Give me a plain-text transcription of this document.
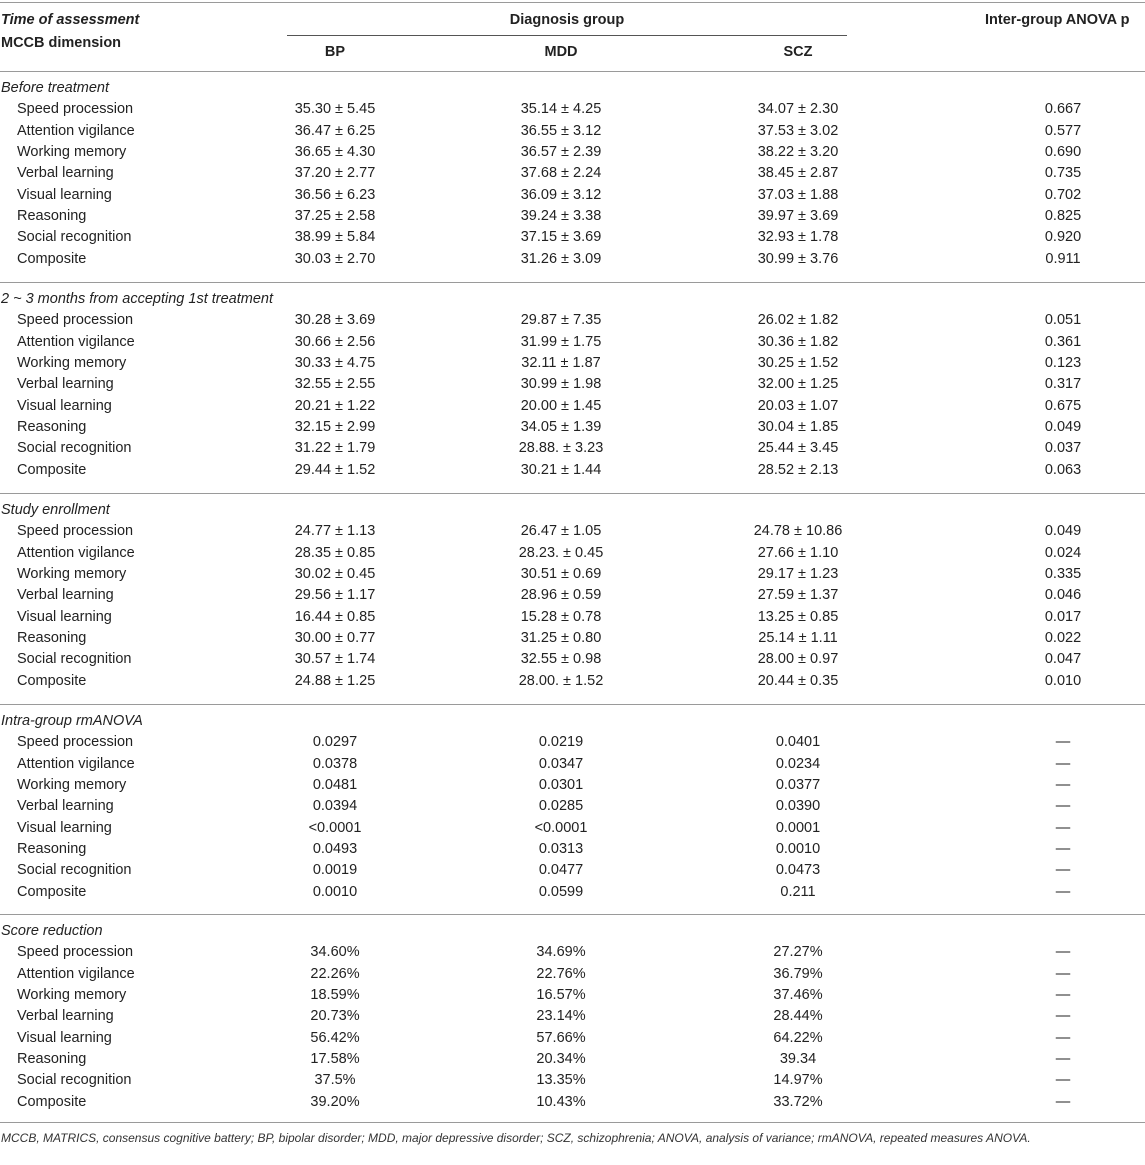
Time of assessment
MCCB dimension
Diagnosis group
BP	MDD	SCZ
Inter-group ANOVA p
Before treatment
Speed procession	35.30 ± 5.45	35.14 ± 4.25	34.07 ± 2.30	0.667
Attention vigilance	36.47 ± 6.25	36.55 ± 3.12	37.53 ± 3.02	0.577
Working memory	36.65 ± 4.30	36.57 ± 2.39	38.22 ± 3.20	0.690
Verbal learning	37.20 ± 2.77	37.68 ± 2.24	38.45 ± 2.87	0.735
Visual learning	36.56 ± 6.23	36.09 ± 3.12	37.03 ± 1.88	0.702
Reasoning	37.25 ± 2.58	39.24 ± 3.38	39.97 ± 3.69	0.825
Social recognition	38.99 ± 5.84	37.15 ± 3.69	32.93 ± 1.78	0.920
Composite	30.03 ± 2.70	31.26 ± 3.09	30.99 ± 3.76	0.911
2 ~ 3 months from accepting 1st treatment
Speed procession	30.28 ± 3.69	29.87 ± 7.35	26.02 ± 1.82	0.051
Attention vigilance	30.66 ± 2.56	31.99 ± 1.75	30.36 ± 1.82	0.361
Working memory	30.33 ± 4.75	32.11 ± 1.87	30.25 ± 1.52	0.123
Verbal learning	32.55 ± 2.55	30.99 ± 1.98	32.00 ± 1.25	0.317
Visual learning	20.21 ± 1.22	20.00 ± 1.45	20.03 ± 1.07	0.675
Reasoning	32.15 ± 2.99	34.05 ± 1.39	30.04 ± 1.85	0.049
Social recognition	31.22 ± 1.79	28.88. ± 3.23	25.44 ± 3.45	0.037
Composite	29.44 ± 1.52	30.21 ± 1.44	28.52 ± 2.13	0.063
Study enrollment
Speed procession	24.77 ± 1.13	26.47 ± 1.05	24.78 ± 10.86	0.049
Attention vigilance	28.35 ± 0.85	28.23. ± 0.45	27.66 ± 1.10	0.024
Working memory	30.02 ± 0.45	30.51 ± 0.69	29.17 ± 1.23	0.335
Verbal learning	29.56 ± 1.17	28.96 ± 0.59	27.59 ± 1.37	0.046
Visual learning	16.44 ± 0.85	15.28 ± 0.78	13.25 ± 0.85	0.017
Reasoning	30.00 ± 0.77	31.25 ± 0.80	25.14 ± 1.11	0.022
Social recognition	30.57 ± 1.74	32.55 ± 0.98	28.00 ± 0.97	0.047
Composite	24.88 ± 1.25	28.00. ± 1.52	20.44 ± 0.35	0.010
Intra-group rmANOVA
Speed procession	0.0297	0.0219	0.0401	—
Attention vigilance	0.0378	0.0347	0.0234	—
Working memory	0.0481	0.0301	0.0377	—
Verbal learning	0.0394	0.0285	0.0390	—
Visual learning	<0.0001	<0.0001	0.0001	—
Reasoning	0.0493	0.0313	0.0010	—
Social recognition	0.0019	0.0477	0.0473	—
Composite	0.0010	0.0599	0.211	—
Score reduction
Speed procession	34.60%	34.69%	27.27%	—
Attention vigilance	22.26%	22.76%	36.79%	—
Working memory	18.59%	16.57%	37.46%	—
Verbal learning	20.73%	23.14%	28.44%	—
Visual learning	56.42%	57.66%	64.22%	—
Reasoning	17.58%	20.34%	39.34	—
Social recognition	37.5%	13.35%	14.97%	—
Composite	39.20%	10.43%	33.72%	—
MCCB, MATRICS, consensus cognitive battery; BP, bipolar disorder; MDD, major depressive disorder; SCZ, schizophrenia; ANOVA, analysis of variance; rmANOVA, repeated measures ANOVA.
